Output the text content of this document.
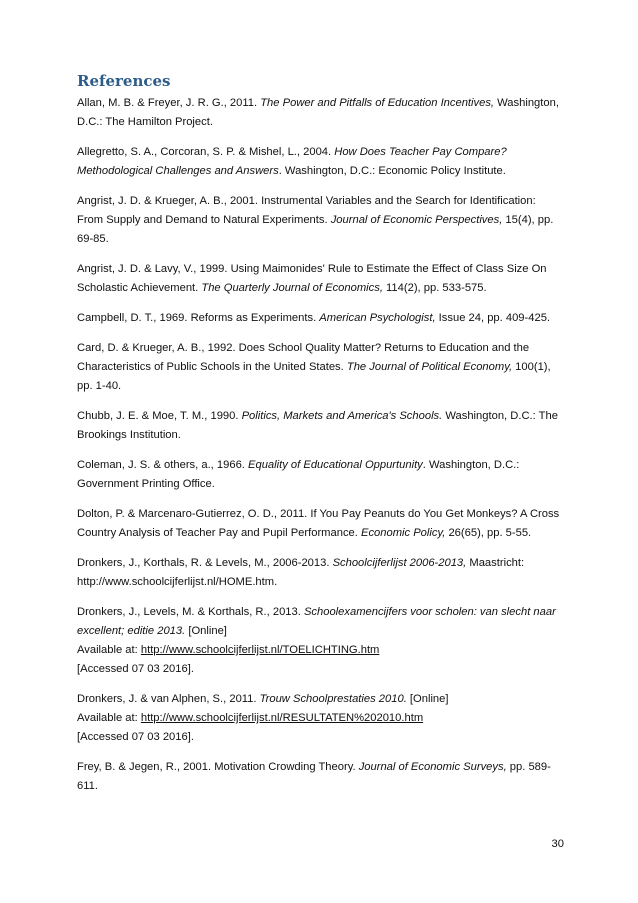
References

Allan, M. B. & Freyer, J. R. G., 2011. The Power and Pitfalls of Education Incentives, Washington, D.C.: The Hamilton Project.

Allegretto, S. A., Corcoran, S. P. & Mishel, L., 2004. How Does Teacher Pay Compare? Methodological Challenges and Answers. Washington, D.C.: Economic Policy Institute.

Angrist, J. D. & Krueger, A. B., 2001. Instrumental Variables and the Search for Identification: From Supply and Demand to Natural Experiments. Journal of Economic Perspectives, 15(4), pp. 69-85.

Angrist, J. D. & Lavy, V., 1999. Using Maimonides' Rule to Estimate the Effect of Class Size On Scholastic Achievement. The Quarterly Journal of Economics, 114(2), pp. 533-575.

Campbell, D. T., 1969. Reforms as Experiments. American Psychologist, Issue 24, pp. 409-425.

Card, D. & Krueger, A. B., 1992. Does School Quality Matter? Returns to Education and the Characteristics of Public Schools in the United States. The Journal of Political Economy, 100(1), pp. 1-40.

Chubb, J. E. & Moe, T. M., 1990. Politics, Markets and America's Schools. Washington, D.C.: The Brookings Institution.

Coleman, J. S. & others, a., 1966. Equality of Educational Oppurtunity. Washington, D.C.: Government Printing Office.

Dolton, P. & Marcenaro-Gutierrez, O. D., 2011. If You Pay Peanuts do You Get Monkeys? A Cross Country Analysis of Teacher Pay and Pupil Performance. Economic Policy, 26(65), pp. 5-55.

Dronkers, J., Korthals, R. & Levels, M., 2006-2013. Schoolcijferlijst 2006-2013, Maastricht: http://www.schoolcijferlijst.nl/HOME.htm.

Dronkers, J., Levels, M. & Korthals, R., 2013. Schoolexamencijfers voor scholen: van slecht naar excellent; editie 2013. [Online]
Available at: http://www.schoolcijferlijst.nl/TOELICHTING.htm
[Accessed 07 03 2016].

Dronkers, J. & van Alphen, S., 2011. Trouw Schoolprestaties 2010. [Online]
Available at: http://www.schoolcijferlijst.nl/RESULTATEN%202010.htm
[Accessed 07 03 2016].

Frey, B. & Jegen, R., 2001. Motivation Crowding Theory. Journal of Economic Surveys, pp. 589-611.

30
